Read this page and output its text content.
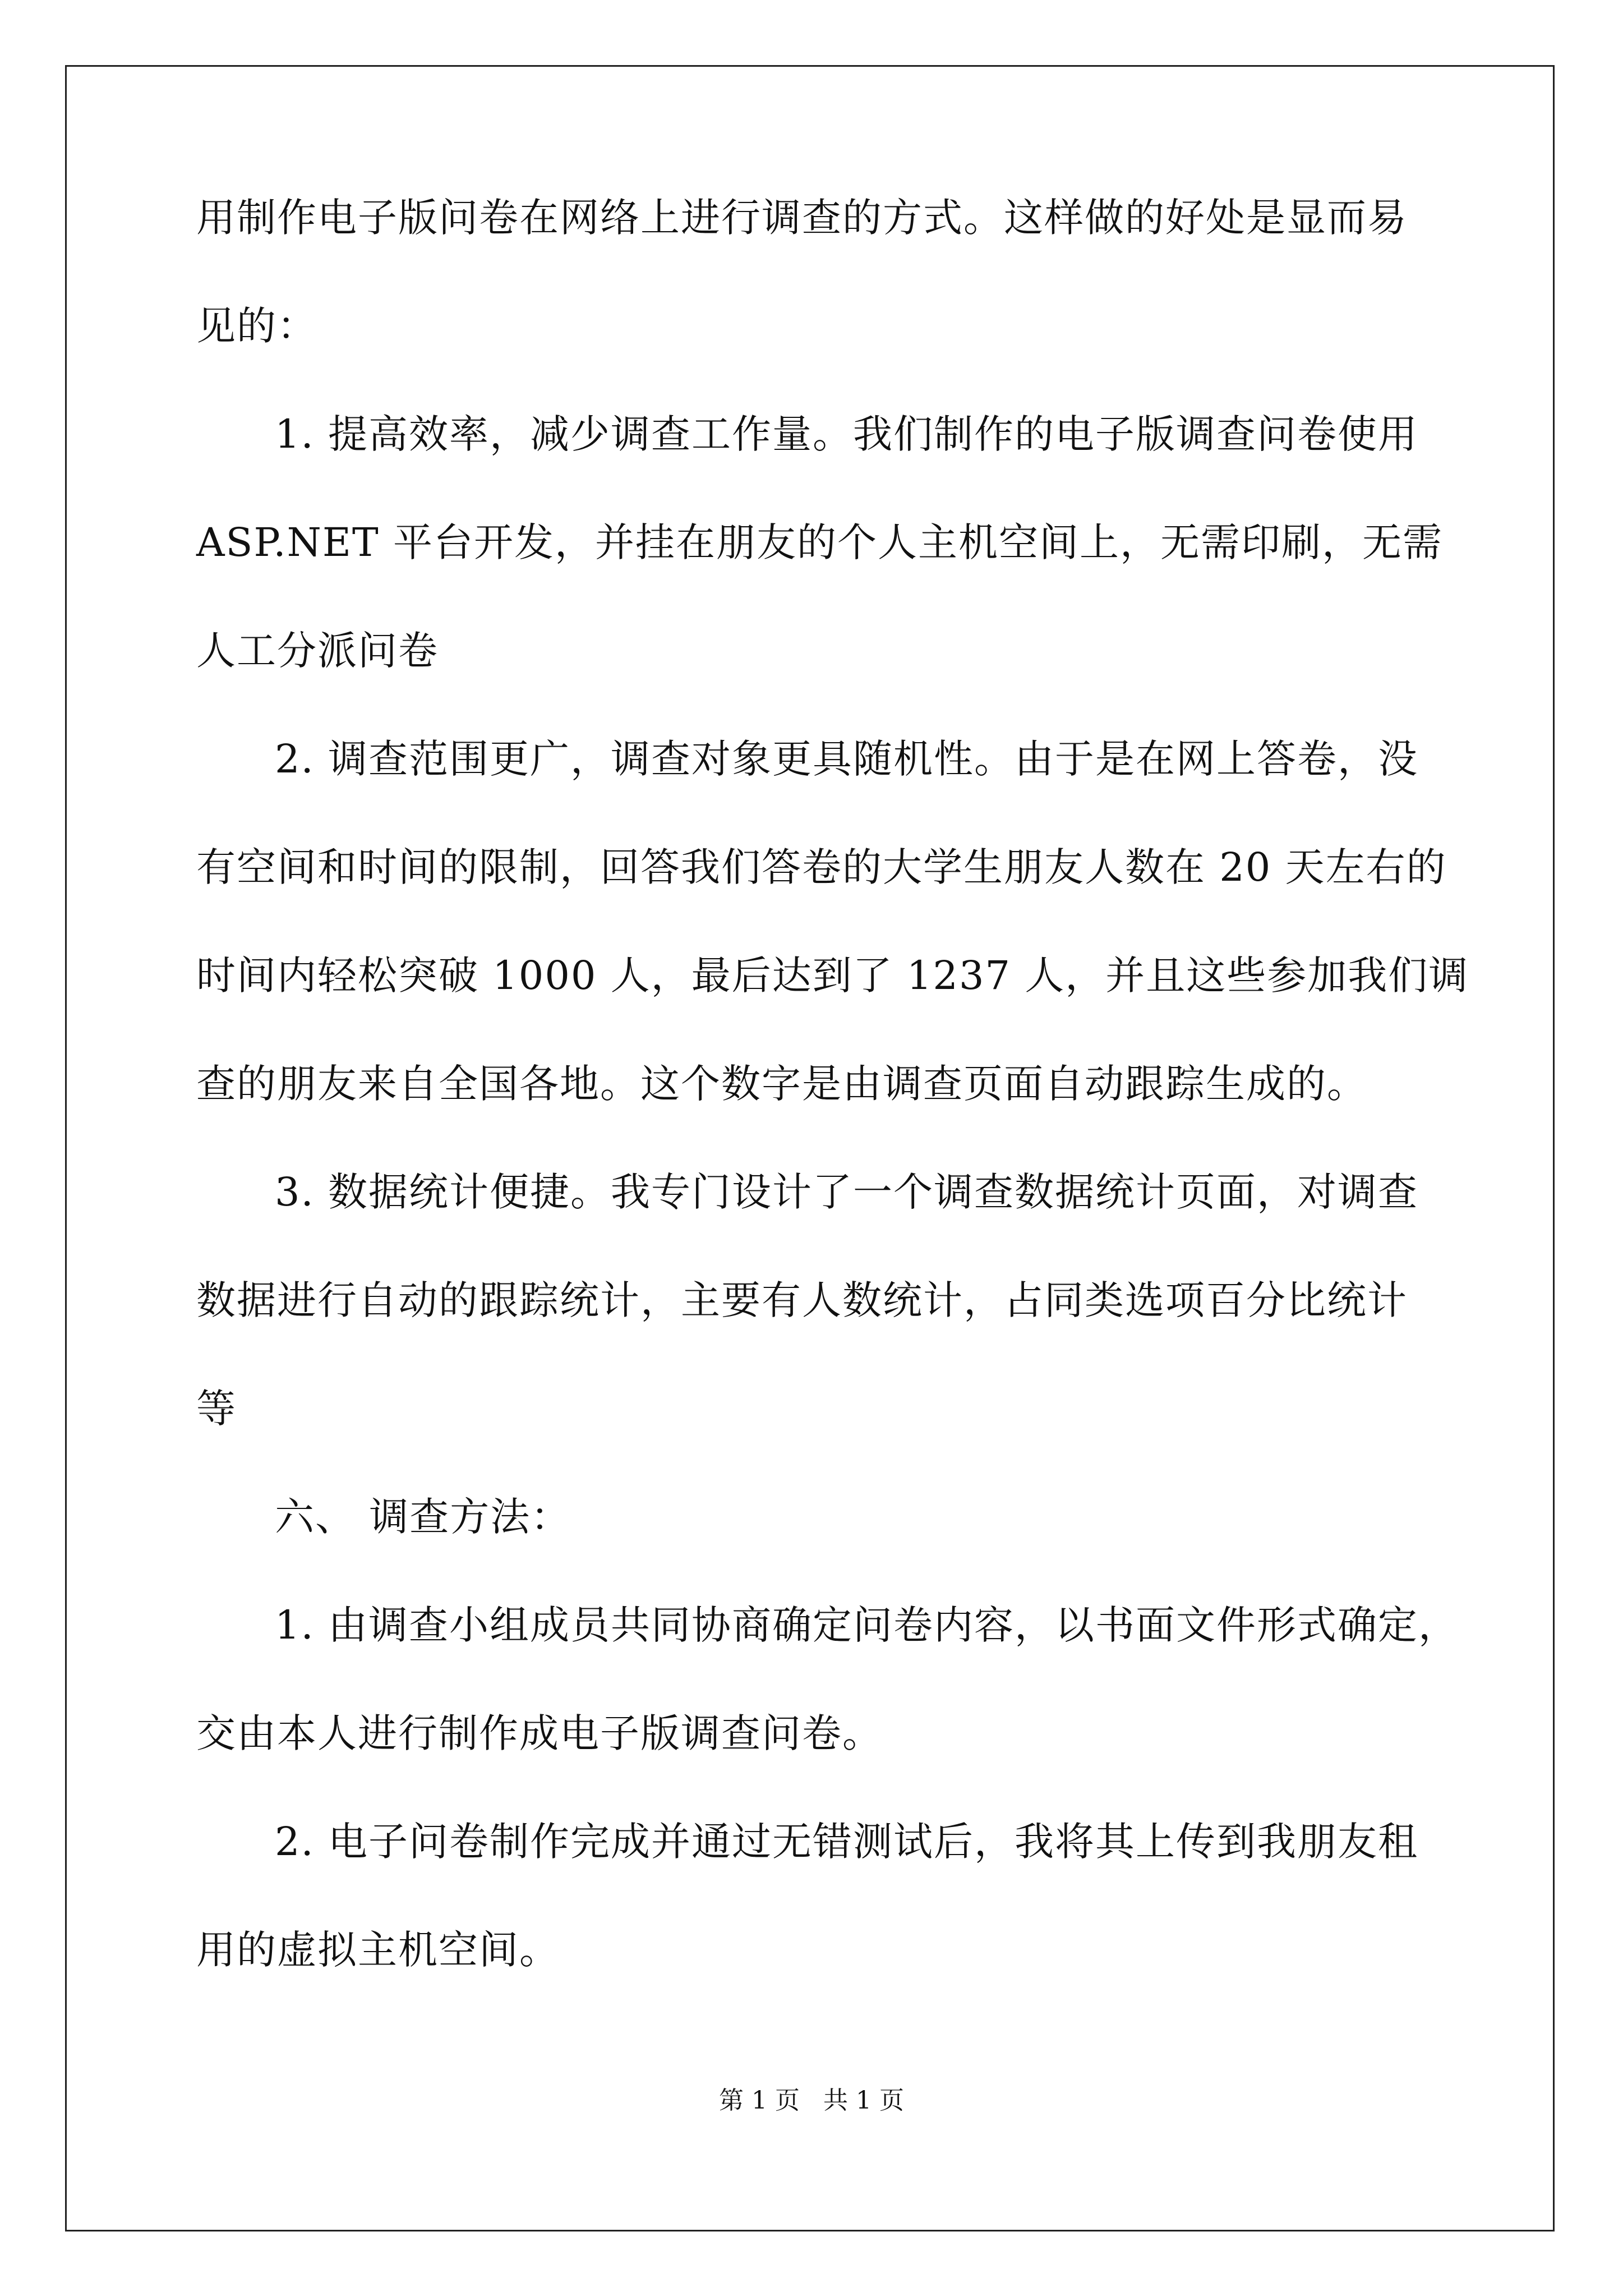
用制作电子版问卷在网络上进行调查的方式。这样做的好处是显而易
见的：
1. 提高效率，减少调查工作量。我们制作的电子版调查问卷使用
ASP.NET 平台开发，并挂在朋友的个人主机空间上，无需印刷，无需
人工分派问卷
2. 调查范围更广，调查对象更具随机性。由于是在网上答卷，没
有空间和时间的限制，回答我们答卷的大学生朋友人数在 20 天左右的
时间内轻松突破 1000 人，最后达到了 1237 人，并且这些参加我们调
查的朋友来自全国各地。这个数字是由调查页面自动跟踪生成的。
3. 数据统计便捷。我专门设计了一个调查数据统计页面，对调查
数据进行自动的跟踪统计，主要有人数统计，占同类选项百分比统计
等
六、 调查方法：
1. 由调查小组成员共同协商确定问卷内容，以书面文件形式确定，
交由本人进行制作成电子版调查问卷。
2. 电子问卷制作完成并通过无错测试后，我将其上传到我朋友租
用的虚拟主机空间。
第 1 页   共 1 页
